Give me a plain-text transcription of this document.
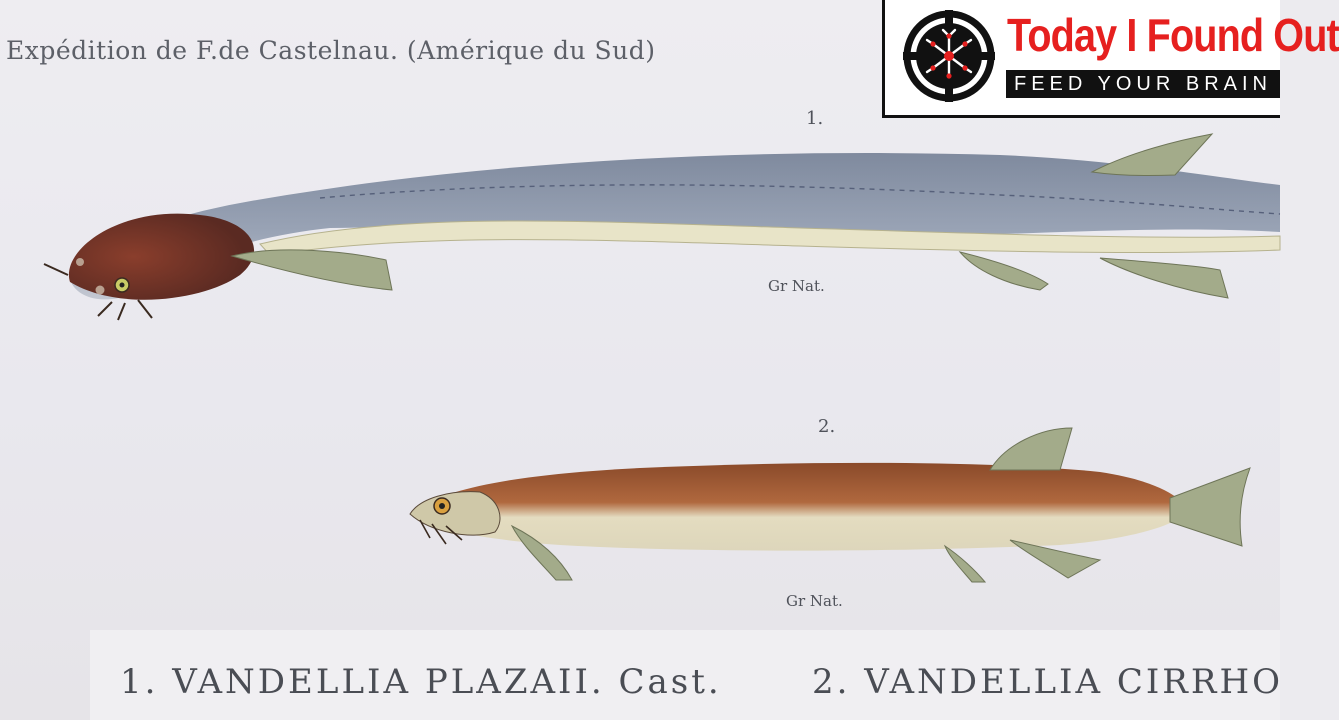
Expédition de F.de Castelnau. (Amérique du Sud)
1.
Gr Nat.
2.
Gr Nat.
1. VANDELLIA PLAZAII. Cast.	2. VANDELLIA CIRRHO
Today I Found Out
FEED YOUR BRAIN
